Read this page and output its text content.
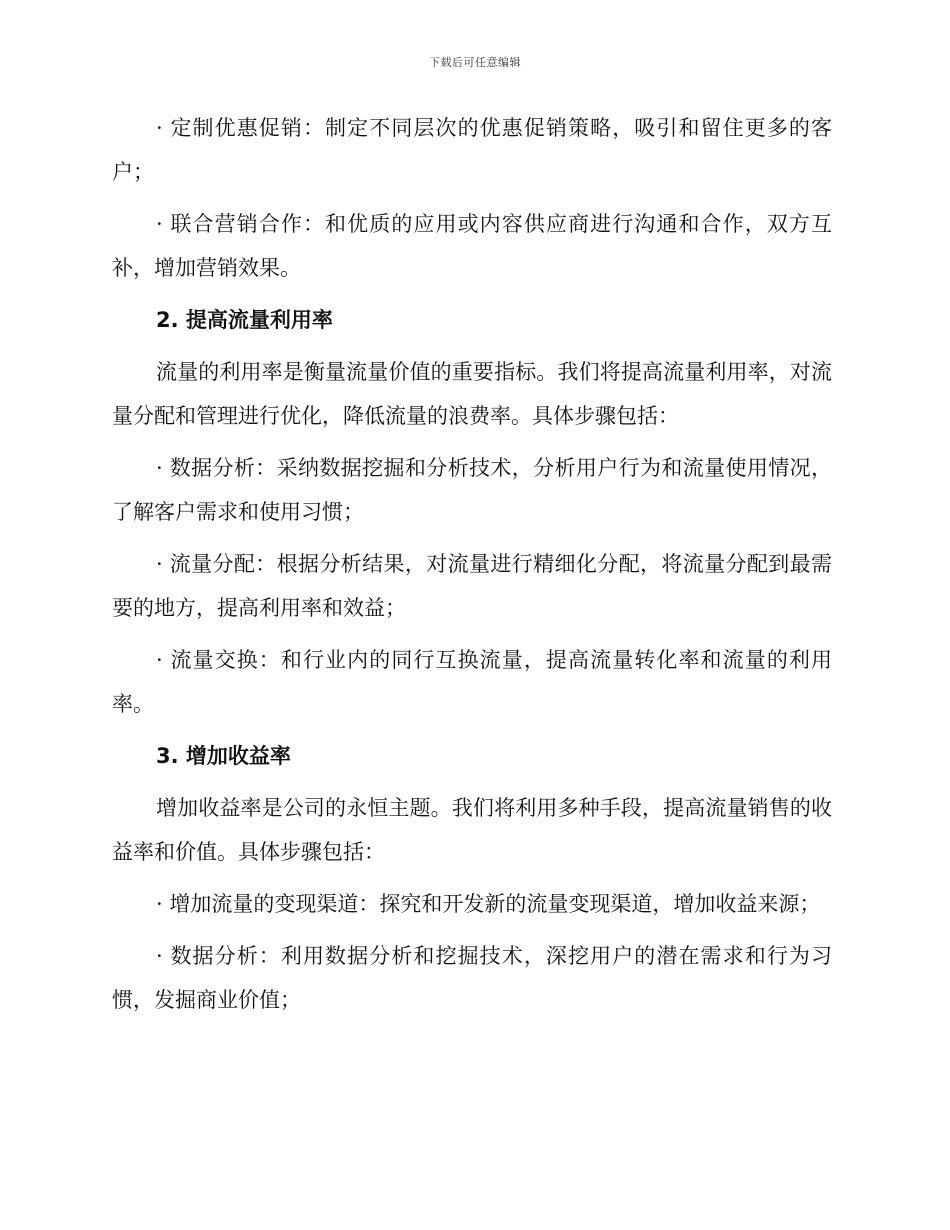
下载后可任意编辑

· 定制优惠促销：制定不同层次的优惠促销策略，吸引和留住更多的客户；

· 联合营销合作：和优质的应用或内容供应商进行沟通和合作，双方互补，增加营销效果。

2. 提高流量利用率

流量的利用率是衡量流量价值的重要指标。我们将提高流量利用率，对流量分配和管理进行优化，降低流量的浪费率。具体步骤包括：

· 数据分析：采纳数据挖掘和分析技术，分析用户行为和流量使用情况，了解客户需求和使用习惯；

· 流量分配：根据分析结果，对流量进行精细化分配，将流量分配到最需要的地方，提高利用率和效益；

· 流量交换：和行业内的同行互换流量，提高流量转化率和流量的利用率。

3. 增加收益率

增加收益率是公司的永恒主题。我们将利用多种手段，提高流量销售的收益率和价值。具体步骤包括：

· 增加流量的变现渠道：探究和开发新的流量变现渠道，增加收益来源；

· 数据分析：利用数据分析和挖掘技术，深挖用户的潜在需求和行为习惯，发掘商业价值；
